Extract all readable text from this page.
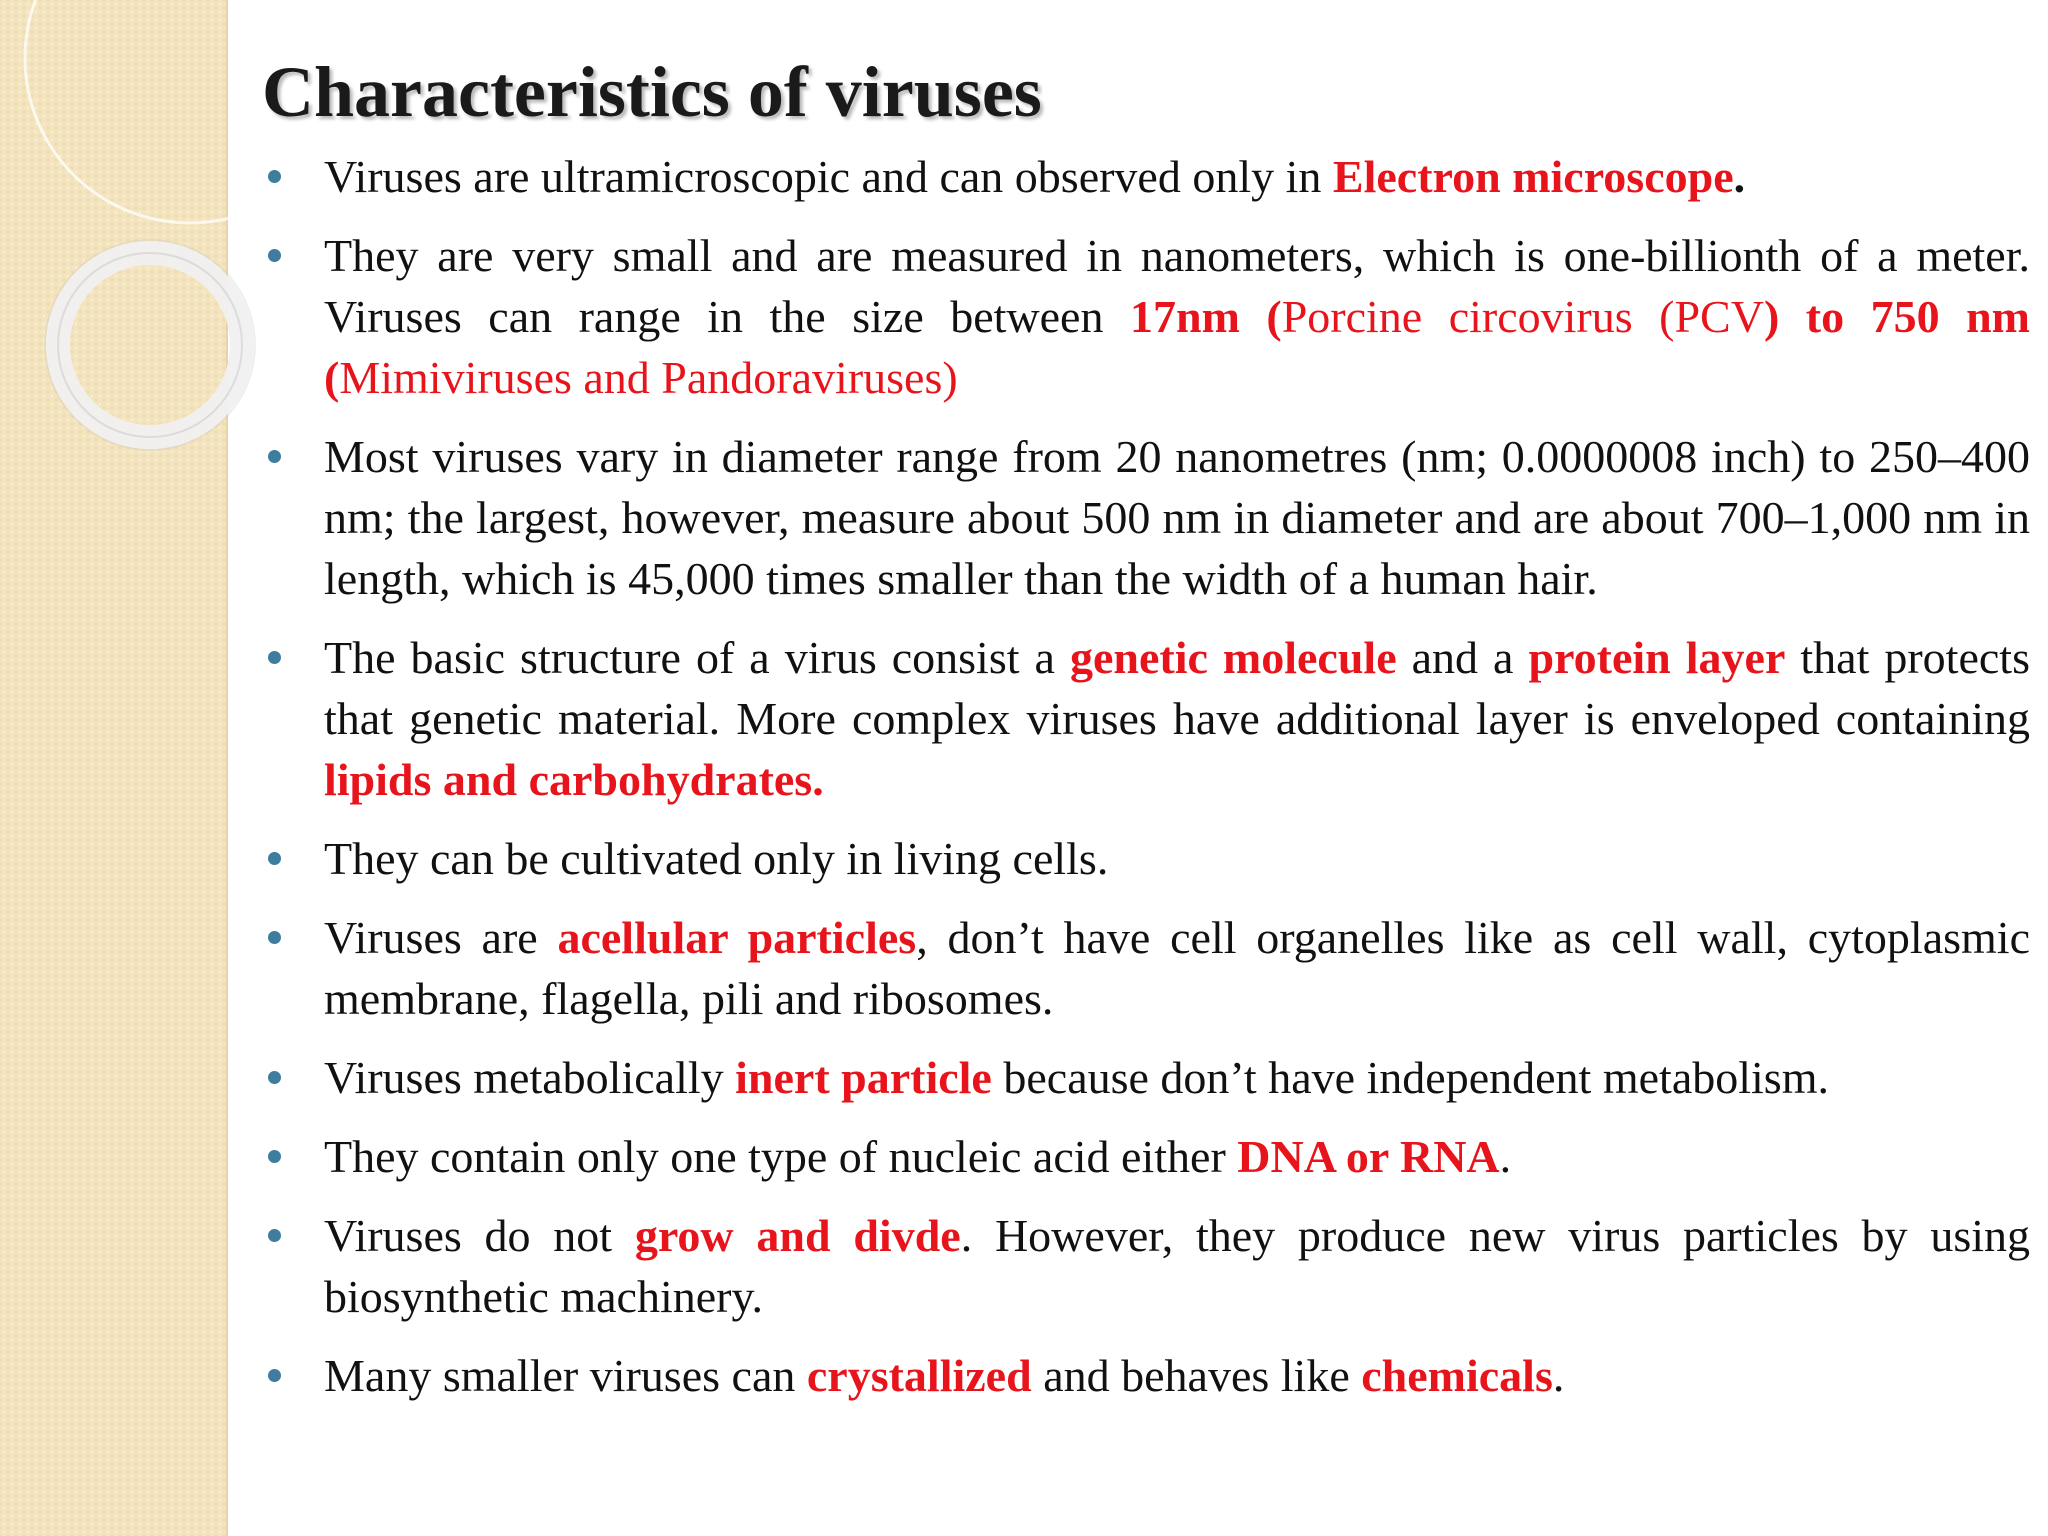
Characteristics of viruses
Viruses are ultramicroscopic and can observed only in Electron microscope.
They are very small and are measured in nanometers, which is one-billionth of a meter. Viruses can range in the size between 17nm (Porcine circovirus (PCV) to 750 nm (Mimiviruses and Pandoraviruses)
Most viruses vary in diameter range from 20 nanometres (nm; 0.0000008 inch) to 250–400 nm; the largest, however, measure about 500 nm in diameter and are about 700–1,000 nm in length, which is 45,000 times smaller than the width of a human hair.
The basic structure of a virus consist a genetic molecule and a protein layer that protects that genetic material. More complex viruses have additional layer is enveloped containing lipids and carbohydrates.
They can be cultivated only in living cells.
Viruses are acellular particles, don’t have cell organelles like as cell wall, cytoplasmic membrane, flagella, pili and ribosomes.
Viruses metabolically inert particle because don’t have independent metabolism.
They contain only one type of nucleic acid either DNA or RNA.
Viruses do not grow and divde. However, they produce new virus particles by using biosynthetic machinery.
Many smaller viruses can crystallized and behaves like chemicals.
